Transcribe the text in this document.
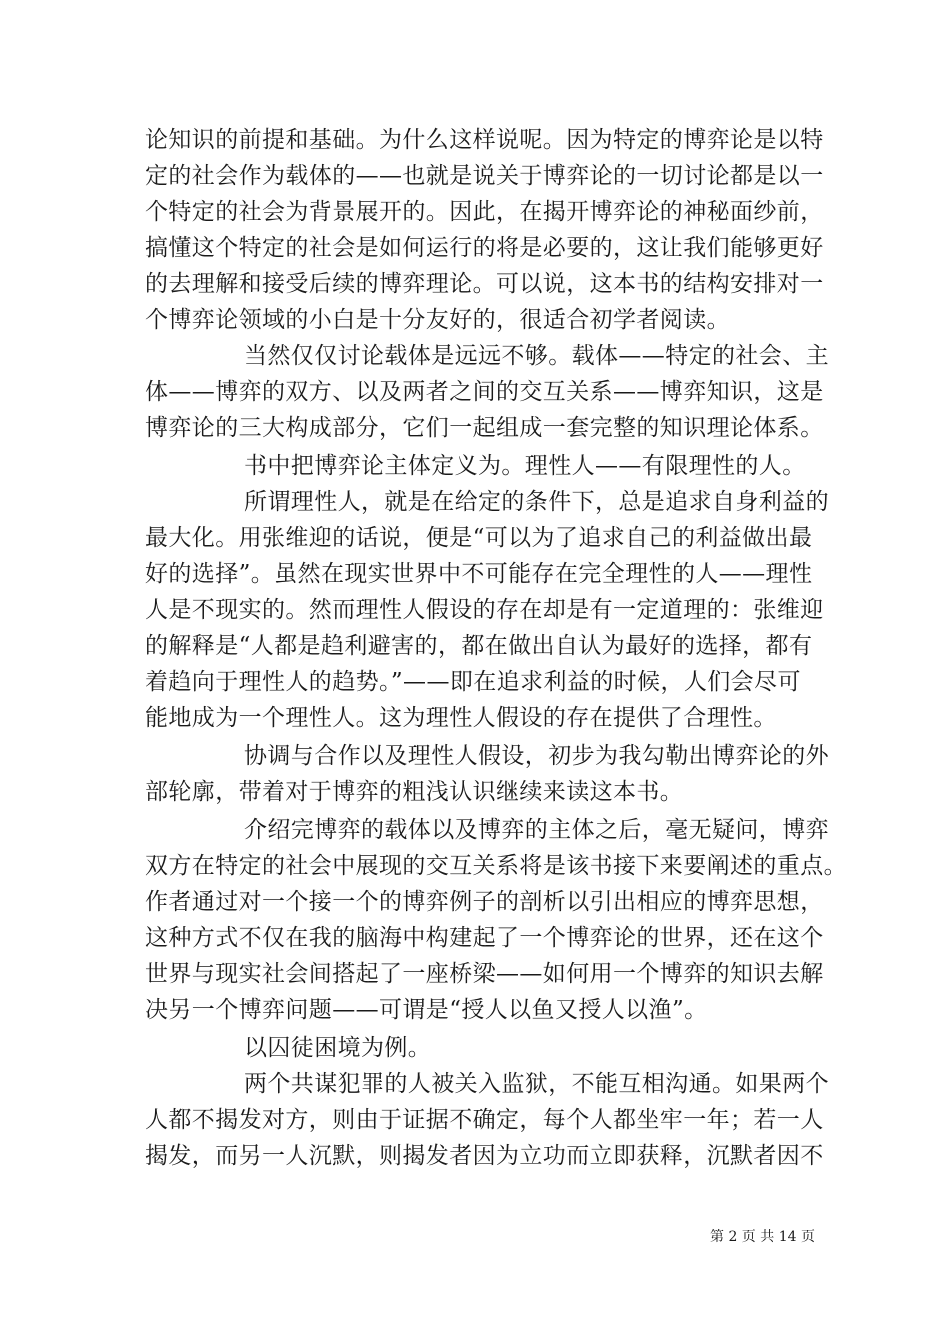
论知识的前提和基础。为什么这样说呢。因为特定的博弈论是以特
定的社会作为载体的——也就是说关于博弈论的一切讨论都是以一
个特定的社会为背景展开的。因此，在揭开博弈论的神秘面纱前，
搞懂这个特定的社会是如何运行的将是必要的，这让我们能够更好
的去理解和接受后续的博弈理论。可以说，这本书的结构安排对一
个博弈论领域的小白是十分友好的，很适合初学者阅读。
当然仅仅讨论载体是远远不够。载体——特定的社会、主
体——博弈的双方、以及两者之间的交互关系——博弈知识，这是
博弈论的三大构成部分，它们一起组成一套完整的知识理论体系。
书中把博弈论主体定义为。理性人——有限理性的人。
所谓理性人，就是在给定的条件下，总是追求自身利益的
最大化。用张维迎的话说，便是“可以为了追求自己的利益做出最
好的选择”。虽然在现实世界中不可能存在完全理性的人——理性
人是不现实的。然而理性人假设的存在却是有一定道理的：张维迎
的解释是“人都是趋利避害的，都在做出自认为最好的选择，都有
着趋向于理性人的趋势。”——即在追求利益的时候，人们会尽可
能地成为一个理性人。这为理性人假设的存在提供了合理性。
协调与合作以及理性人假设，初步为我勾勒出博弈论的外
部轮廓，带着对于博弈的粗浅认识继续来读这本书。
介绍完博弈的载体以及博弈的主体之后，毫无疑问，博弈
双方在特定的社会中展现的交互关系将是该书接下来要阐述的重点。
作者通过对一个接一个的博弈例子的剖析以引出相应的博弈思想，
这种方式不仅在我的脑海中构建起了一个博弈论的世界，还在这个
世界与现实社会间搭起了一座桥梁——如何用一个博弈的知识去解
决另一个博弈问题——可谓是“授人以鱼又授人以渔”。
以囚徒困境为例。
两个共谋犯罪的人被关入监狱，不能互相沟通。如果两个
人都不揭发对方，则由于证据不确定，每个人都坐牢一年；若一人
揭发，而另一人沉默，则揭发者因为立功而立即获释，沉默者因不
第 2 页 共 14 页
